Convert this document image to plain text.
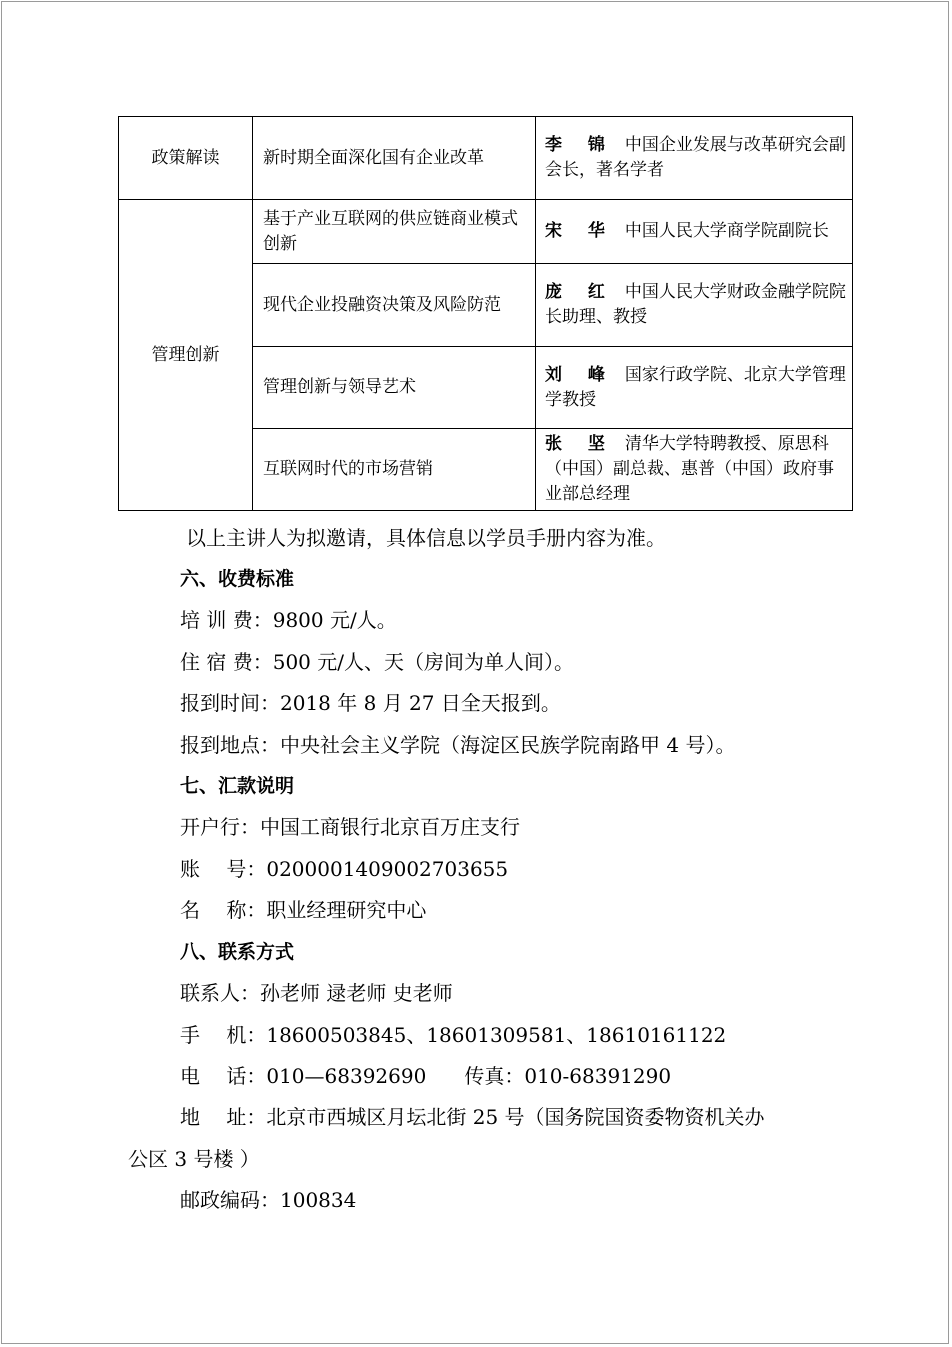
政策解读	新时期全面深化国有企业改革	李 锦 中国企业发展与改革研究会副会长，著名学者
管理创新	基于产业互联网的供应链商业模式创新	宋 华 中国人民大学商学院副院长
	现代企业投融资决策及风险防范	庞 红 中国人民大学财政金融学院院长助理、教授
	管理创新与领导艺术	刘 峰 国家行政学院、北京大学管理学教授
	互联网时代的市场营销	张 坚 清华大学特聘教授、原思科（中国）副总裁、惠普（中国）政府事业部总经理
以上主讲人为拟邀请，具体信息以学员手册内容为准。
六、收费标准
培 训 费：9800 元/人。
住 宿 费：500 元/人、天（房间为单人间）。
报到时间：2018 年 8 月 27 日全天报到。
报到地点：中央社会主义学院（海淀区民族学院南路甲 4 号）。
七、汇款说明
开户行：中国工商银行北京百万庄支行
账　 号：0200001409002703655
名　 称：职业经理研究中心
八、联系方式
联系人：孙老师 逯老师 史老师
手　 机：18600503845、18601309581、18610161122
电　 话：010—68392690 传真：010-68391290
地　 址：北京市西城区月坛北街 25 号（国务院国资委物资机关办
公区 3 号楼 ）
邮政编码：100834
